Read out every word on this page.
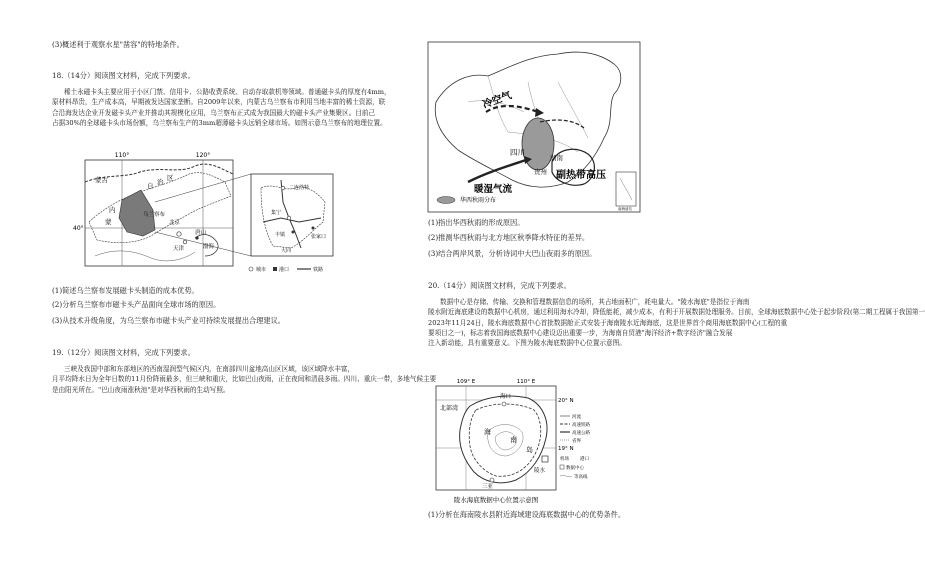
(3)概述利于观察水星"凿容"的特地条件。
18.（14分）阅读图文材料，完成下列要求。
稀土永磁卡头主要应用于小区门禁、信用卡、公路收费系统、自动存取款机等领域。普通磁卡头的厚度有4mm，
原材料昂贵，生产成本高，早期被发达国家垄断。自2009年以来，内蒙古乌兰察布市利用当地丰富的稀土资源，联
合沿海发达企业开发磁卡头产业并推动其规模化应用，乌兰察布正式成为我国最大的磁卡头产业集聚区。目前己
占据30%的全球磁卡头市场份额，乌兰察布生产的3mm超薄磁卡头远销全球市场。如图示意乌兰察布的地理位置。
110°	120°
40°
蒙古
自 治 区
内
蒙
乌兰察布
北京
天津
唐山
渤海
二连浩特
集宁
丰镇	张家口
大同
城市	港口	铁路
(1)简述乌兰察布发展磁卡头制造的成本优势。
(2)分析乌兰察布市磁卡头产品面向全球市场的原因。
(3)从技术升级角度，为乌兰察布市磁卡头产业可持续发展提出合理建议。
19.（12分）阅读图文材料，完成下列要求。
三峡及我国中部和东部地区的西南湿润型气候区内，在南部四川盆地高山区区域，该区域降水丰富，
月平均降水日为全年日数的11月份降雨最多，但三峡和重庆，比如巴山夜雨，正在夜间和清晨多雨。四川、重庆一带，多地气候主要
是由阳光所在。"巴山夜雨涨秋池"是对华西秋雨的生动写照。
冷空气
四川
湖南
贵州
暖湿气流
副热带高压
南海诸岛
华西秋雨分布
(1)指出华西秋雨的形成原因。
(2)推测华西秋雨与北方地区秋季降水特征的差异。
(3)结合两岸风景，分析诗词中大巴山夜雨多的原因。
20.（14分）阅读图文材料，完成下列要求。
数据中心是存储、传输、交换和管理数据信息的场所，其占地面积广，耗电量大。"陵水海底"是指位于海南
陵水附近海底建设的数据中心机房，通过利用海水冷却，降低能耗，减少成本，有利于开展数据处理服务。目前，全球海底数据中心处于起步阶段(第二期工程属于我国第一
2023年11月24日，陵水海底数据中心首批数据舱正式安装于海南陵水近海海底，这是世界首个商用海底数据中心(工程的重
要项目之一)，标志着我国海底数据中心建设迈出重要一步，为海南自贸港"海洋经济+数字经济"融合发展
注入新动能，具有重要意义。下图为陵水海底数据中心位置示意图。
109° E	110° E
20° N
19° N
北部湾
海口
海
南
岛
三亚
陵水
河流
高速铁路
高速公路
省界
机场 港口
数据中心
等高线
陵水海底数据中心位置示意图
(1)分析在海南陵水县附近海域建设海底数据中心的优势条件。
